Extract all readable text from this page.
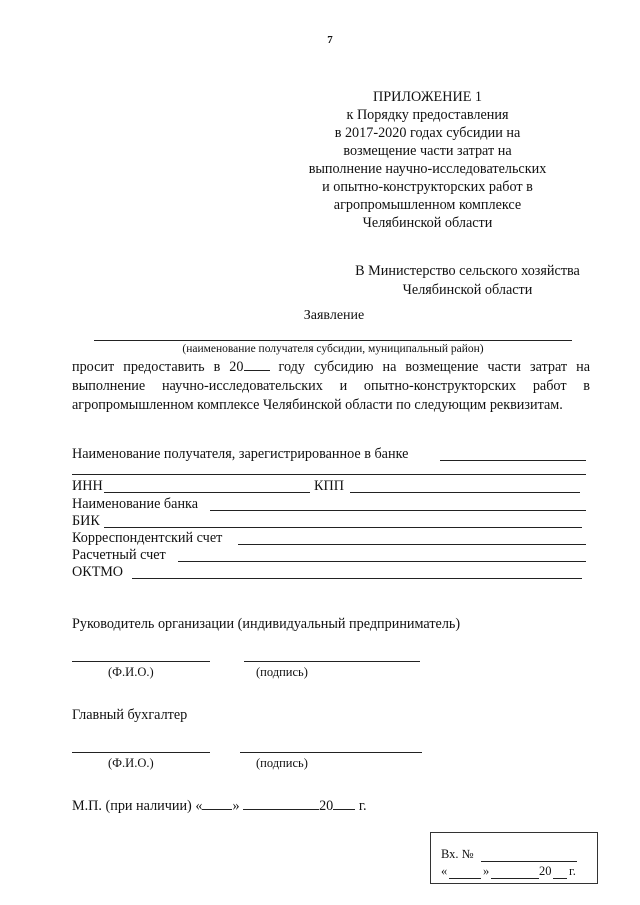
7
ПРИЛОЖЕНИЕ 1
к Порядку предоставления
в 2017-2020 годах субсидии на
возмещение части затрат на
выполнение научно-исследовательских
и опытно-конструкторских работ в
агропромышленном комплексе
Челябинской области
В Министерство сельского хозяйства
Челябинской области
Заявление
(наименование получателя субсидии, муниципальный район)
просит предоставить в 20 году субсидию на возмещение части затрат на выполнение научно-исследовательских и опытно-конструкторских работ в агропромышленном комплексе Челябинской области по следующим реквизитам.
Наименование получателя, зарегистрированное в банке
ИНН	КПП
Наименование банка
БИК
Корреспондентский счет
Расчетный счет
ОКТМО
Руководитель организации (индивидуальный предприниматель)
(Ф.И.О.)	(подпись)
Главный бухгалтер
(Ф.И.О.)	(подпись)
М.П. (при наличии) « »	20 г.
Вх. №
«	»	20 г.
